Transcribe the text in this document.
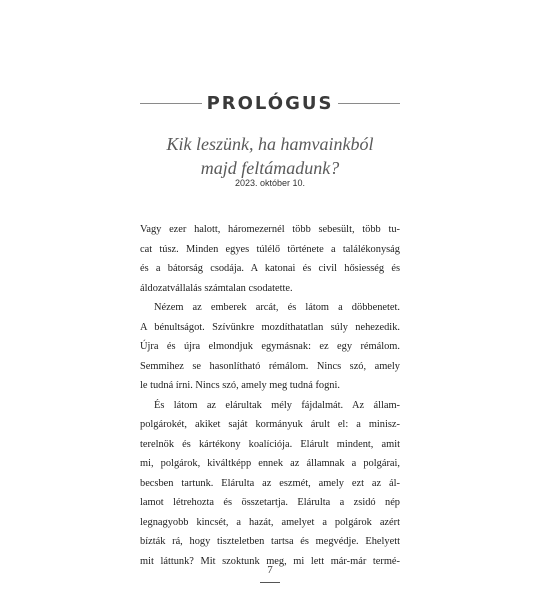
PROLÓGUS
Kik leszünk, ha hamvainkból
majd feltámadunk?
2023. október 10.
Vagy ezer halott, háromezernél több sebesült, több tu-
cat túsz. Minden egyes túlélő története a találékonyság
és a bátorság csodája. A katonai és civil hősiesség és
áldozatvállalás számtalan csodatette.
Nézem az emberek arcát, és látom a döbbenetet.
A bénultságot. Szívünkre mozdíthatatlan súly nehezedik.
Újra és újra elmondjuk egymásnak: ez egy rémálom.
Semmihez se hasonlítható rémálom. Nincs szó, amely
le tudná írni. Nincs szó, amely meg tudná fogni.
És látom az elárultak mély fájdalmát. Az állam-
polgárokét, akiket saját kormányuk árult el: a minisz-
terelnök és kártékony koalíciója. Elárult mindent, amit
mi, polgárok, kiváltképp ennek az államnak a polgárai,
becsben tartunk. Elárulta az eszmét, amely ezt az ál-
lamot létrehozta és összetartja. Elárulta a zsidó nép
legnagyobb kincsét, a hazát, amelyet a polgárok azért
bízták rá, hogy tiszteletben tartsa és megvédje. Ehelyett
mit láttunk? Mit szoktunk meg, mi lett már-már termé-
7
